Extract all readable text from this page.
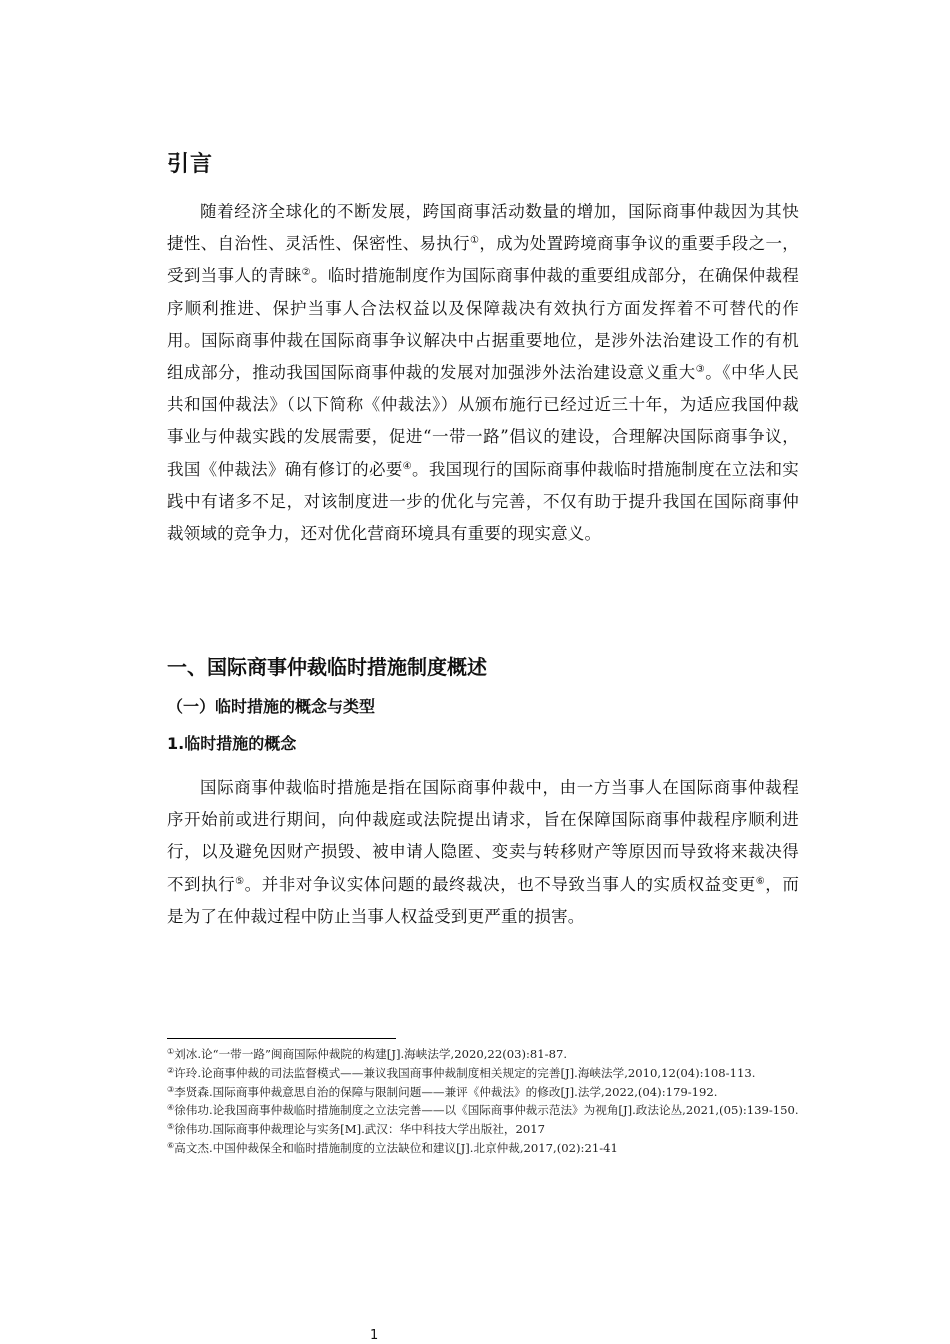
引言

随着经济全球化的不断发展，跨国商事活动数量的增加，国际商事仲裁因为其快捷性、自治性、灵活性、保密性、易执行①，成为处置跨境商事争议的重要手段之一，受到当事人的青睐②。临时措施制度作为国际商事仲裁的重要组成部分，在确保仲裁程序顺利推进、保护当事人合法权益以及保障裁决有效执行方面发挥着不可替代的作用。国际商事仲裁在国际商事争议解决中占据重要地位，是涉外法治建设工作的有机组成部分，推动我国国际商事仲裁的发展对加强涉外法治建设意义重大③。《中华人民共和国仲裁法》（以下简称《仲裁法》）从颁布施行已经过近三十年，为适应我国仲裁事业与仲裁实践的发展需要，促进“一带一路”倡议的建设，合理解决国际商事争议，我国《仲裁法》确有修订的必要④。我国现行的国际商事仲裁临时措施制度在立法和实践中有诸多不足，对该制度进一步的优化与完善，不仅有助于提升我国在国际商事仲裁领域的竞争力，还对优化营商环境具有重要的现实意义。

一、国际商事仲裁临时措施制度概述
（一）临时措施的概念与类型
1.临时措施的概念

国际商事仲裁临时措施是指在国际商事仲裁中，由一方当事人在国际商事仲裁程序开始前或进行期间，向仲裁庭或法院提出请求，旨在保障国际商事仲裁程序顺利进行，以及避免因财产损毁、被申请人隐匿、变卖与转移财产等原因而导致将来裁决得不到执行⑤。并非对争议实体问题的最终裁决，也不导致当事人的实质权益变更⑥，而是为了在仲裁过程中防止当事人权益受到更严重的损害。

①刘冰.论“一带一路”闽商国际仲裁院的构建[J].海峡法学,2020,22(03):81-87.
②许玲.论商事仲裁的司法监督模式——兼议我国商事仲裁制度相关规定的完善[J].海峡法学,2010,12(04):108-113.
③李贤森.国际商事仲裁意思自治的保障与限制问题——兼评《仲裁法》的修改[J].法学,2022,(04):179-192.
④徐伟功.论我国商事仲裁临时措施制度之立法完善——以《国际商事仲裁示范法》为视角[J].政法论丛,2021,(05):139-150.
⑤徐伟功.国际商事仲裁理论与实务[M].武汉：华中科技大学出版社，2017
⑥高文杰.中国仲裁保全和临时措施制度的立法缺位和建议[J].北京仲裁,2017,(02):21-41
1
